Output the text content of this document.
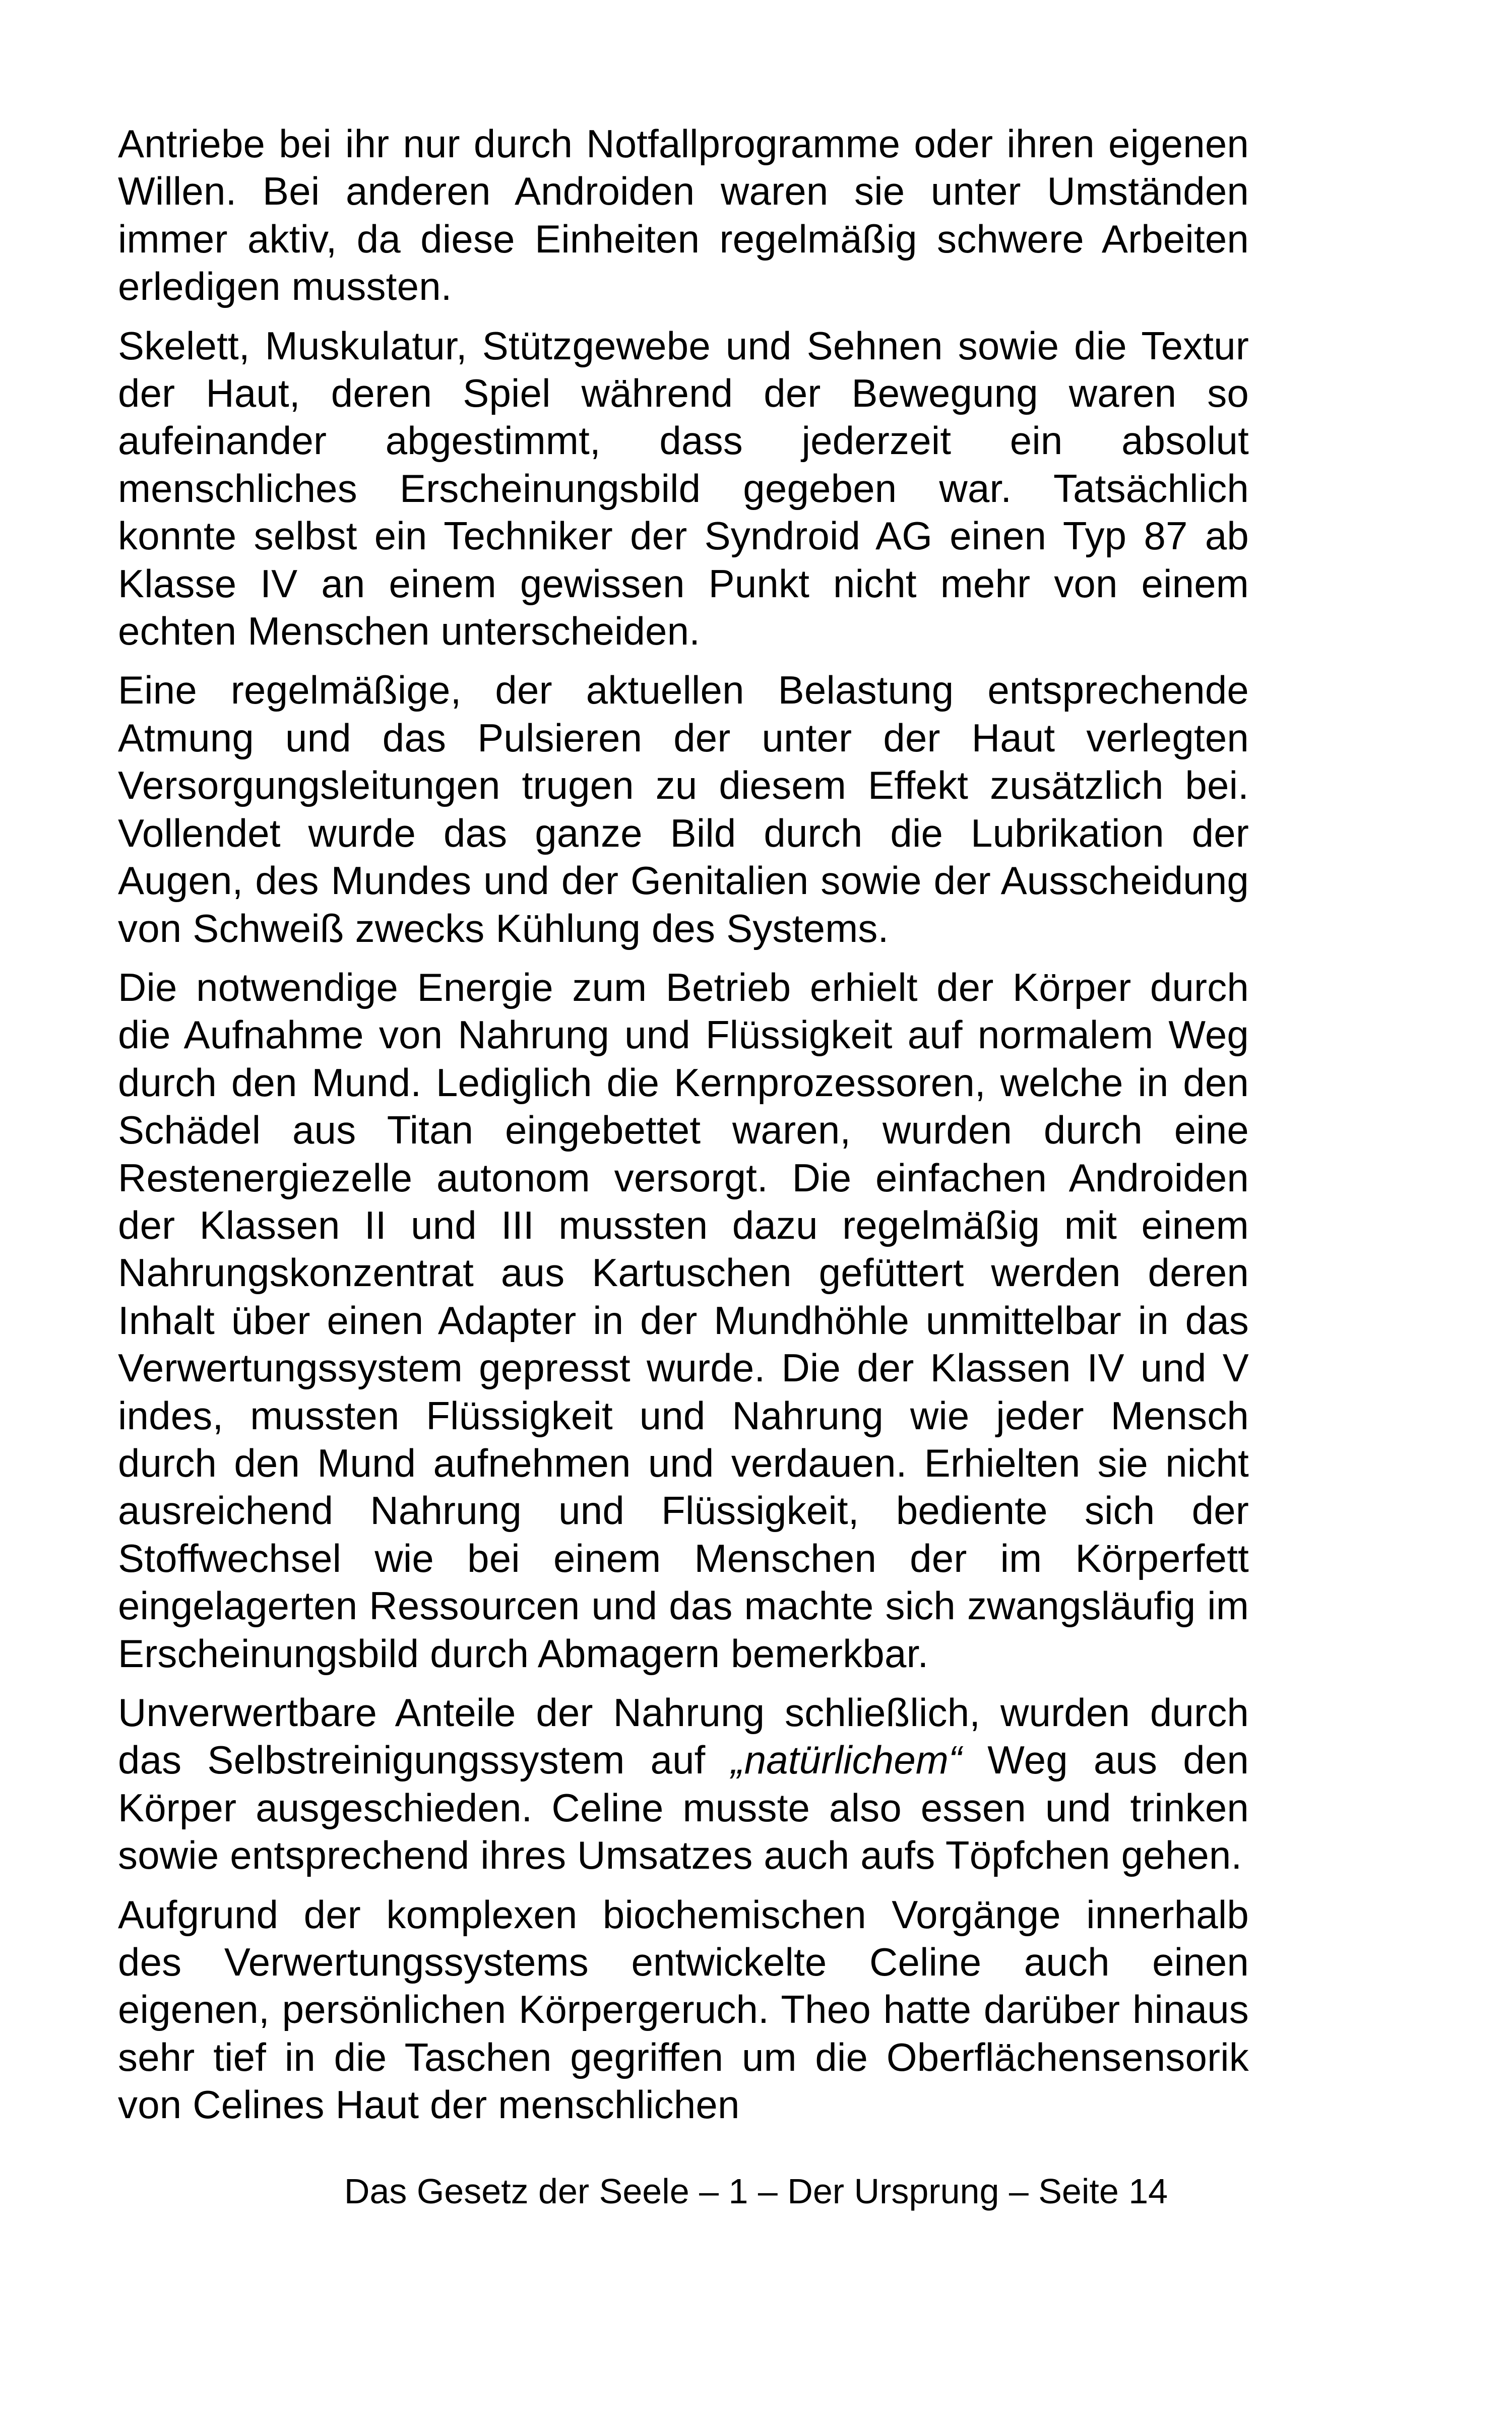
Antriebe bei ihr nur durch Notfallprogramme oder ihren eigenen Willen. Bei anderen Androiden waren sie unter Umständen immer aktiv, da diese Einheiten regelmäßig schwere Arbeiten erledigen mussten.

Skelett, Muskulatur, Stützgewebe und Sehnen sowie die Textur der Haut, deren Spiel während der Bewegung waren so aufeinander abgestimmt, dass jederzeit ein absolut menschliches Erscheinungsbild gegeben war. Tatsächlich konnte selbst ein Techniker der Syndroid AG einen Typ 87 ab Klasse IV an einem gewissen Punkt nicht mehr von einem echten Menschen unterscheiden.

Eine regelmäßige, der aktuellen Belastung entsprechende Atmung und das Pulsieren der unter der Haut verlegten Versorgungsleitungen trugen zu diesem Effekt zusätzlich bei. Vollendet wurde das ganze Bild durch die Lubrikation der Augen, des Mundes und der Genitalien sowie der Ausscheidung von Schweiß zwecks Kühlung des Systems.

Die notwendige Energie zum Betrieb erhielt der Körper durch die Aufnahme von Nahrung und Flüssigkeit auf normalem Weg durch den Mund. Lediglich die Kernprozessoren, welche in den Schädel aus Titan eingebettet waren, wurden durch eine Restenergiezelle autonom versorgt. Die einfachen Androiden der Klassen II und III mussten dazu regelmäßig mit einem Nahrungskonzentrat aus Kartuschen gefüttert werden deren Inhalt über einen Adapter in der Mundhöhle unmittelbar in das Verwertungssystem gepresst wurde. Die der Klassen IV und V indes, mussten Flüssigkeit und Nahrung wie jeder Mensch durch den Mund aufnehmen und verdauen. Erhielten sie nicht ausreichend Nahrung und Flüssigkeit, bediente sich der Stoffwechsel wie bei einem Menschen der im Körperfett eingelagerten Ressourcen und das machte sich zwangsläufig im Erscheinungsbild durch Abmagern bemerkbar.

Unverwertbare Anteile der Nahrung schließlich, wurden durch das Selbstreinigungssystem auf „natürlichem“ Weg aus den Körper ausgeschieden. Celine musste also essen und trinken sowie entsprechend ihres Umsatzes auch aufs Töpfchen gehen.

Aufgrund der komplexen biochemischen Vorgänge innerhalb des Verwertungssystems entwickelte Celine auch einen eigenen, persönlichen Körpergeruch. Theo hatte darüber hinaus sehr tief in die Taschen gegriffen um die Oberflächensensorik von Celines Haut der menschlichen

Das Gesetz der Seele – 1 – Der Ursprung – Seite 14
